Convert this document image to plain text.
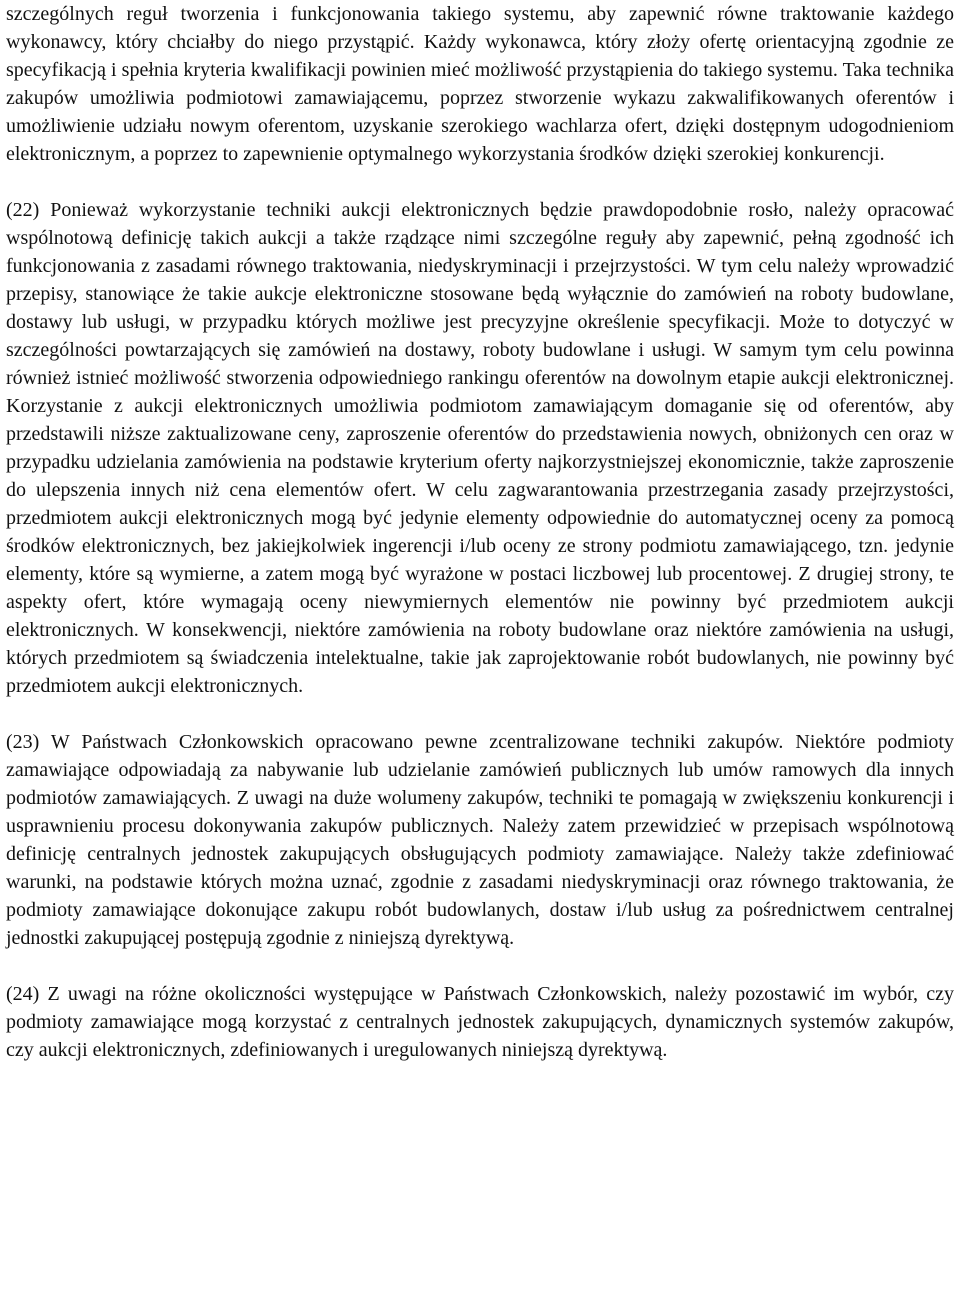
szczególnych reguł tworzenia i funkcjonowania takiego systemu, aby zapewnić równe traktowanie każdego wykonawcy, który chciałby do niego przystąpić. Każdy wykonawca, który złoży ofertę orientacyjną zgodnie ze specyfikacją i spełnia kryteria kwalifikacji powinien mieć możliwość przystąpienia do takiego systemu. Taka technika zakupów umożliwia podmiotowi zamawiającemu, poprzez stworzenie wykazu zakwalifikowanych oferentów i umożliwienie udziału nowym oferentom, uzyskanie szerokiego wachlarza ofert, dzięki dostępnym udogodnieniom elektronicznym, a poprzez to zapewnienie optymalnego wykorzystania środków dzięki szerokiej konkurencji.

(22) Ponieważ wykorzystanie techniki aukcji elektronicznych będzie prawdopodobnie rosło, należy opracować wspólnotową definicję takich aukcji a także rządzące nimi szczególne reguły aby zapewnić, pełną zgodność ich funkcjonowania z zasadami równego traktowania, niedyskryminacji i przejrzystości. W tym celu należy wprowadzić przepisy, stanowiące że takie aukcje elektroniczne stosowane będą wyłącznie do zamówień na roboty budowlane, dostawy lub usługi, w przypadku których możliwe jest precyzyjne określenie specyfikacji. Może to dotyczyć w szczególności powtarzających się zamówień na dostawy, roboty budowlane i usługi. W samym tym celu powinna również istnieć możliwość stworzenia odpowiedniego rankingu oferentów na dowolnym etapie aukcji elektronicznej. Korzystanie z aukcji elektronicznych umożliwia podmiotom zamawiającym domaganie się od oferentów, aby przedstawili niższe zaktualizowane ceny, zaproszenie oferentów do przedstawienia nowych, obniżonych cen oraz w przypadku udzielania zamówienia na podstawie kryterium oferty najkorzystniejszej ekonomicznie, także zaproszenie do ulepszenia innych niż cena elementów ofert. W celu zagwarantowania przestrzegania zasady przejrzystości, przedmiotem aukcji elektronicznych mogą być jedynie elementy odpowiednie do automatycznej oceny za pomocą środków elektronicznych, bez jakiejkolwiek ingerencji i/lub oceny ze strony podmiotu zamawiającego, tzn. jedynie elementy, które są wymierne, a zatem mogą być wyrażone w postaci liczbowej lub procentowej. Z drugiej strony, te aspekty ofert, które wymagają oceny niewymiernych elementów nie powinny być przedmiotem aukcji elektronicznych. W konsekwencji, niektóre zamówienia na roboty budowlane oraz niektóre zamówienia na usługi, których przedmiotem są świadczenia intelektualne, takie jak zaprojektowanie robót budowlanych, nie powinny być przedmiotem aukcji elektronicznych.

(23) W Państwach Członkowskich opracowano pewne zcentralizowane techniki zakupów. Niektóre podmioty zamawiające odpowiadają za nabywanie lub udzielanie zamówień publicznych lub umów ramowych dla innych podmiotów zamawiających. Z uwagi na duże wolumeny zakupów, techniki te pomagają w zwiększeniu konkurencji i usprawnieniu procesu dokonywania zakupów publicznych. Należy zatem przewidzieć w przepisach wspólnotową definicję centralnych jednostek zakupujących obsługujących podmioty zamawiające. Należy także zdefiniować warunki, na podstawie których można uznać, zgodnie z zasadami niedyskryminacji oraz równego traktowania, że podmioty zamawiające dokonujące zakupu robót budowlanych, dostaw i/lub usług za pośrednictwem centralnej jednostki zakupującej postępują zgodnie z niniejszą dyrektywą.

(24) Z uwagi na różne okoliczności występujące w Państwach Członkowskich, należy pozostawić im wybór, czy podmioty zamawiające mogą korzystać z centralnych jednostek zakupujących, dynamicznych systemów zakupów, czy aukcji elektronicznych, zdefiniowanych i uregulowanych niniejszą dyrektywą.
